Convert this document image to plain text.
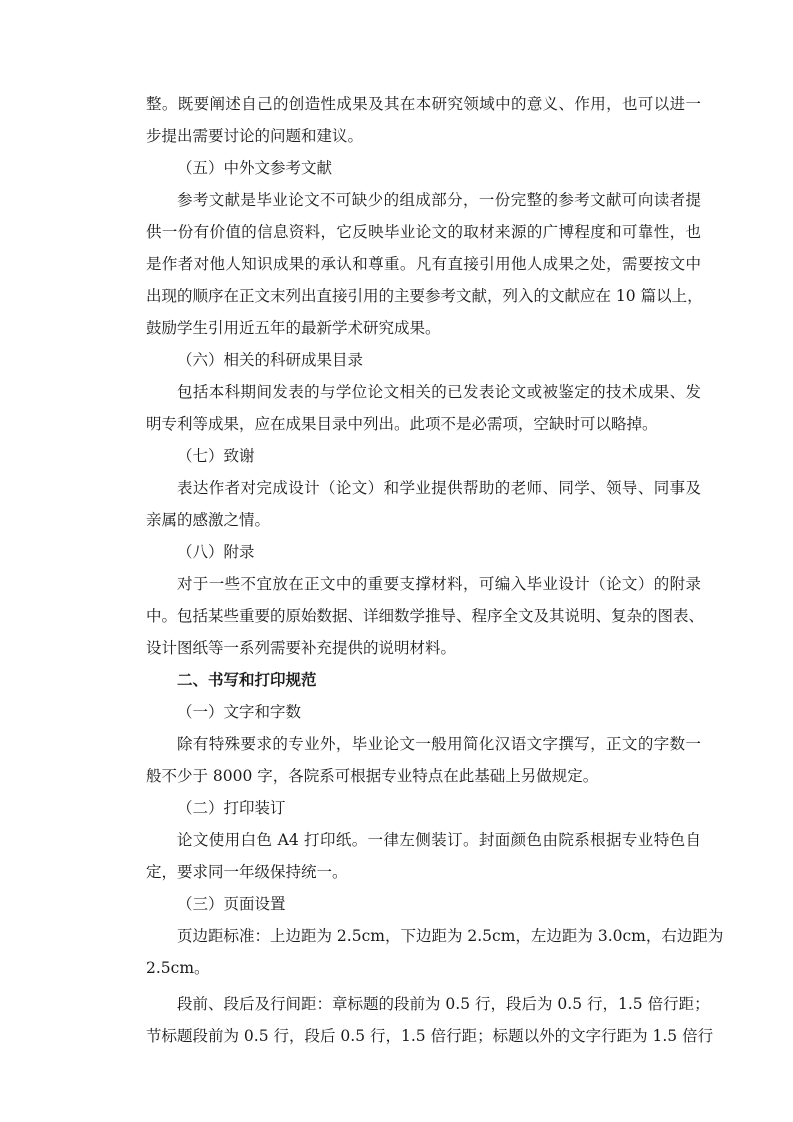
整。既要阐述自己的创造性成果及其在本研究领域中的意义、作用，也可以进一
步提出需要讨论的问题和建议。
（五）中外文参考文献
参考文献是毕业论文不可缺少的组成部分，一份完整的参考文献可向读者提
供一份有价值的信息资料，它反映毕业论文的取材来源的广博程度和可靠性，也
是作者对他人知识成果的承认和尊重。凡有直接引用他人成果之处，需要按文中
出现的顺序在正文末列出直接引用的主要参考文献，列入的文献应在 10 篇以上，
鼓励学生引用近五年的最新学术研究成果。
（六）相关的科研成果目录
包括本科期间发表的与学位论文相关的已发表论文或被鉴定的技术成果、发
明专利等成果，应在成果目录中列出。此项不是必需项，空缺时可以略掉。
（七）致谢
表达作者对完成设计（论文）和学业提供帮助的老师、同学、领导、同事及
亲属的感激之情。
（八）附录
对于一些不宜放在正文中的重要支撑材料，可编入毕业设计（论文）的附录
中。包括某些重要的原始数据、详细数学推导、程序全文及其说明、复杂的图表、
设计图纸等一系列需要补充提供的说明材料。
二、书写和打印规范
（一）文字和字数
除有特殊要求的专业外，毕业论文一般用简化汉语文字撰写，正文的字数一
般不少于 8000 字，各院系可根据专业特点在此基础上另做规定。
（二）打印装订
论文使用白色 A4 打印纸。一律左侧装订。封面颜色由院系根据专业特色自
定，要求同一年级保持统一。
（三）页面设置
页边距标准：上边距为 2.5cm，下边距为 2.5cm，左边距为 3.0cm，右边距为
2.5cm。
段前、段后及行间距：章标题的段前为 0.5 行，段后为 0.5 行，1.5 倍行距；
节标题段前为 0.5 行，段后 0.5 行，1.5 倍行距；标题以外的文字行距为 1.5 倍行
